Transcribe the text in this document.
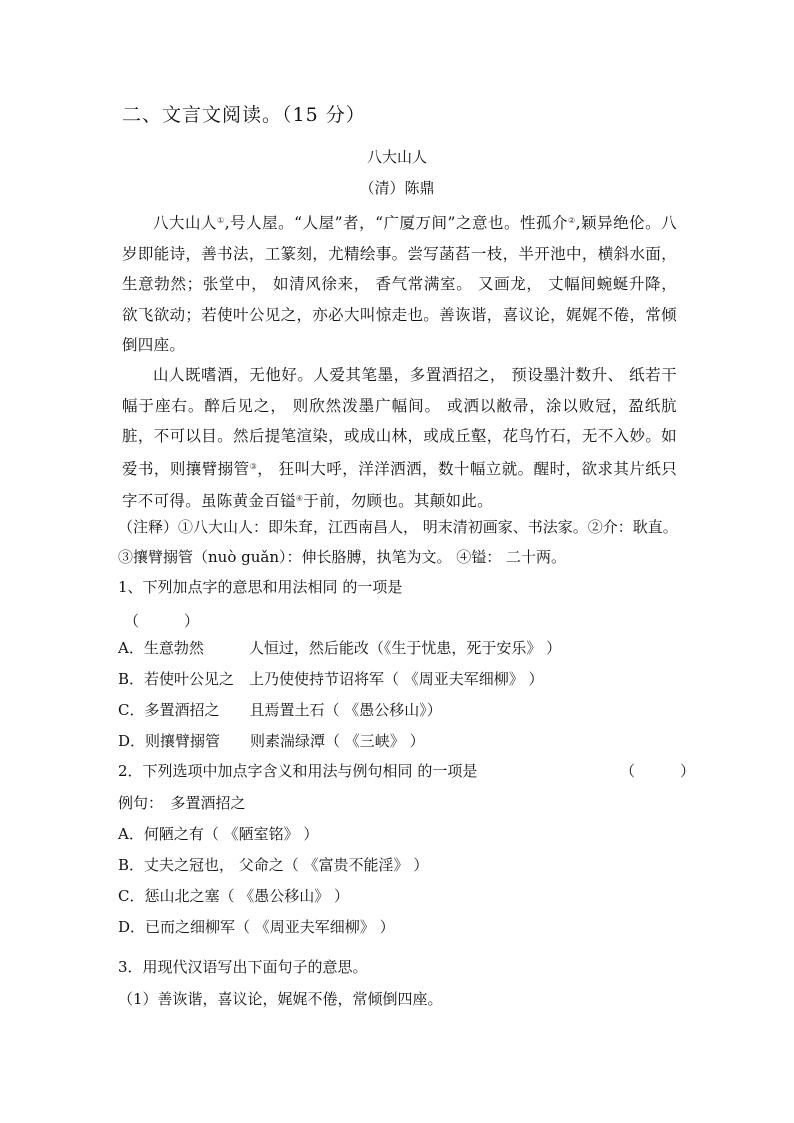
二、文言文阅读。（15 分）
八大山人
（清）陈鼎
八大山人①,号人屋。“人屋”者，“广厦万间”之意也。性孤介②,颖异绝伦。八岁即能诗，善书法，工篆刻，尤精绘事。尝写菡萏一枝，半开池中，横斜水面， 生意勃然；张堂中， 如清风徐来， 香气常满室。 又画龙， 丈幅间蜿蜒升降，欲飞欲动；若使叶公见之，亦必大叫惊走也。善诙谐，喜议论，娓娓不倦，常倾倒四座。
山人既嗜酒，无他好。人爱其笔墨，多置酒招之， 预设墨汁数升、 纸若干幅于座右。醉后见之， 则欣然泼墨广幅间。 或洒以敝帚，涂以败冠，盈纸肮脏，不可以目。然后提笔渲染，或成山林，或成丘壑，花鸟竹石，无不入妙。如爱书，则攘臂搦管③， 狂叫大呼，洋洋洒洒，数十幅立就。醒时，欲求其片纸只字不可得。虽陈黄金百镒④于前，勿顾也。其颠如此。
（注释）①八大山人：即朱耷，江西南昌人， 明末清初画家、书法家。②介：耿直。③攘臂搦管（nuò guǎn）：伸长胳膊，执笔为文。 ④镒： 二十两。
1、下列加点字的意思和用法相同 的一项是
（　　　）
A．生意勃然　　　人恒过，然后能改（《生于忧患，死于安乐》 ）
B．若使叶公见之　上乃使使持节诏将军（ 《周亚夫军细柳》 ）
C．多置酒招之　　且焉置土石（ 《愚公移山》）
D．则攘臂搦管　　则素湍绿潭（ 《三峡》 ）
2．下列选项中加点字含义和用法与例句相同 的一项是	（　　　）
例句：　多置酒招之
A．何陋之有（ 《陋室铭》 ）
B．丈夫之冠也， 父命之（ 《富贵不能淫》 ）
C．惩山北之塞（ 《愚公移山》 ）
D．已而之细柳军（ 《周亚夫军细柳》 ）
3．用现代汉语写出下面句子的意思。
（1）善诙谐，喜议论，娓娓不倦，常倾倒四座。
